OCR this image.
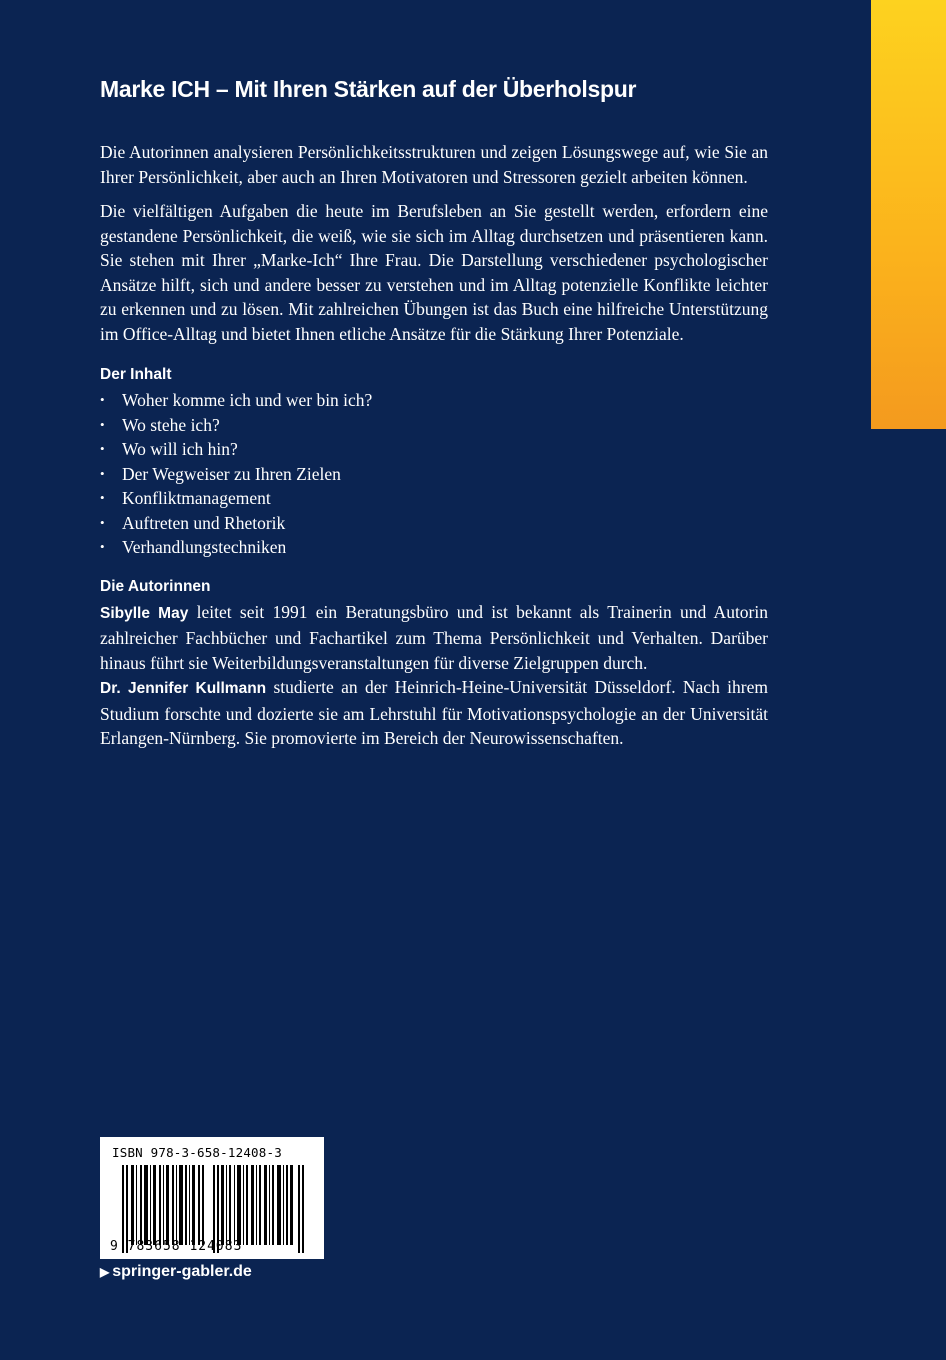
Marke ICH – Mit Ihren Stärken auf der Überholspur

Die Autorinnen analysieren Persönlichkeitsstrukturen und zeigen Lösungswege auf, wie Sie an Ihrer Persönlichkeit, aber auch an Ihren Motivatoren und Stressoren gezielt arbeiten können.

Die vielfältigen Aufgaben die heute im Berufsleben an Sie gestellt werden, erfordern eine gestandene Persönlichkeit, die weiß, wie sie sich im Alltag durchsetzen und präsentieren kann. Sie stehen mit Ihrer „Marke-Ich“ Ihre Frau. Die Darstellung verschiedener psychologischer Ansätze hilft, sich und andere besser zu verstehen und im Alltag potenzielle Konflikte leichter zu erkennen und zu lösen. Mit zahlreichen Übungen ist das Buch eine hilfreiche Unterstützung im Office-Alltag und bietet Ihnen etliche Ansätze für die Stärkung Ihrer Potenziale.

Der Inhalt
• Woher komme ich und wer bin ich?
• Wo stehe ich?
• Wo will ich hin?
• Der Wegweiser zu Ihren Zielen
• Konfliktmanagement
• Auftreten und Rhetorik
• Verhandlungstechniken
Die Autorinnen

Sibylle May leitet seit 1991 ein Beratungsbüro und ist bekannt als Trainerin und Autorin zahlreicher Fachbücher und Fachartikel zum Thema Persönlichkeit und Verhalten. Darüber hinaus führt sie Weiterbildungsveranstaltungen für diverse Zielgruppen durch.
Dr. Jennifer Kullmann studierte an der Heinrich-Heine-Universität Düsseldorf. Nach ihrem Studium forschte und dozierte sie am Lehrstuhl für Motivationspsychologie an der Universität Erlangen-Nürnberg. Sie promovierte im Bereich der Neurowissenschaften.

ISBN 978-3-658-12408-3
9 783658 124083
▶ springer-gabler.de
